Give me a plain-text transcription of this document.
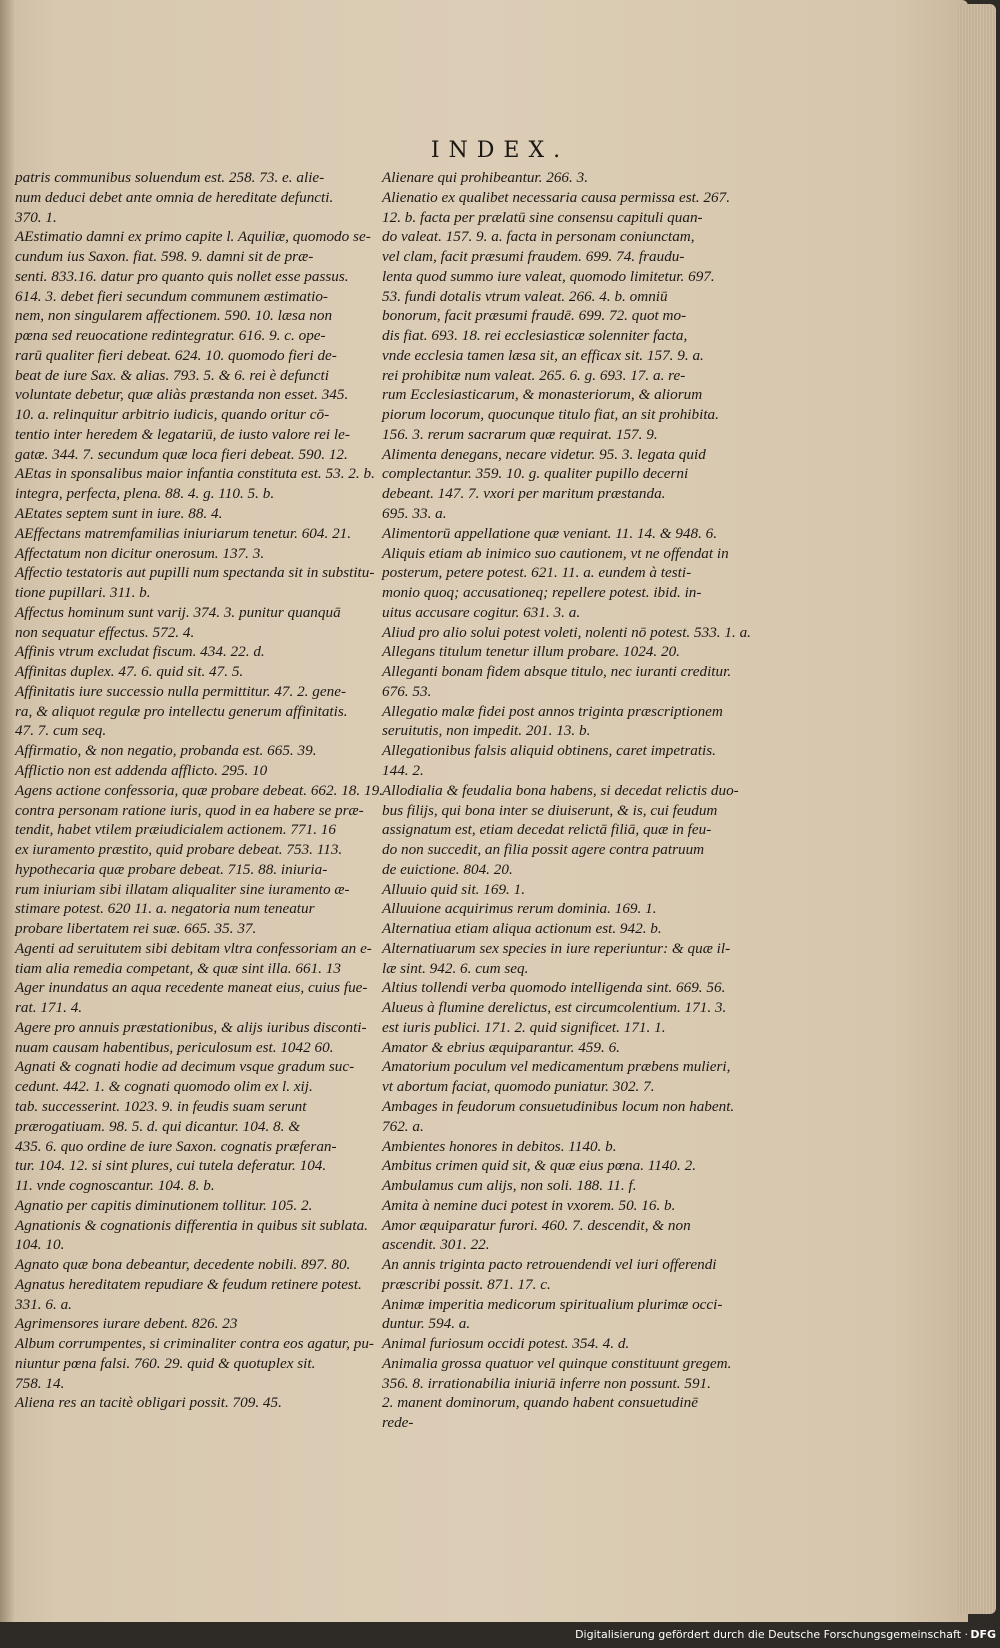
INDEX.
patris communibus soluendum est. 258. 73. e. alie-
num deduci debet ante omnia de hereditate defuncti.
370. 1.
AEstimatio damni ex primo capite l. Aquiliæ, quomodo se-
cundum ius Saxon. fiat. 598. 9. damni sit de præ-
senti. 833.16. datur pro quanto quis nollet esse passus.
614. 3. debet fieri secundum communem æstimatio-
nem, non singularem affectionem. 590. 10. læsa non
pœna sed reuocatione redintegratur. 616. 9. c. ope-
rarū qualiter fieri debeat. 624. 10. quomodo fieri de-
beat de iure Sax. & alias. 793. 5. & 6. rei è defuncti
voluntate debetur, quæ aliàs præstanda non esset. 345.
10. a. relinquitur arbitrio iudicis, quando oritur cō-
tentio inter heredem & legatariū, de iusto valore rei le-
gatæ. 344. 7. secundum quæ loca fieri debeat. 590. 12.
AEtas in sponsalibus maior infantia constituta est. 53. 2. b.
integra, perfecta, plena. 88. 4. g. 110. 5. b.
AEtates septem sunt in iure. 88. 4.
AEffectans matremfamilias iniuriarum tenetur. 604. 21.
Affectatum non dicitur onerosum. 137. 3.
Affectio testatoris aut pupilli num spectanda sit in substitu-
tione pupillari. 311. b.
Affectus hominum sunt varij. 374. 3. punitur quanquā
non sequatur effectus. 572. 4.
Affinis vtrum excludat fiscum. 434. 22. d.
Affinitas duplex. 47. 6. quid sit. 47. 5.
Affinitatis iure successio nulla permittitur. 47. 2. gene-
ra, & aliquot regulæ pro intellectu generum affinitatis.
47. 7. cum seq.
Affirmatio, & non negatio, probanda est. 665. 39.
Afflictio non est addenda afflicto. 295. 10
Agens actione confessoria, quæ probare debeat. 662. 18. 19.
contra personam ratione iuris, quod in ea habere se præ-
tendit, habet vtilem præiudicialem actionem. 771. 16
ex iuramento præstito, quid probare debeat. 753. 113.
hypothecaria quæ probare debeat. 715. 88. iniuria-
rum iniuriam sibi illatam aliqualiter sine iuramento æ-
stimare potest. 620 11. a. negatoria num teneatur
probare libertatem rei suæ. 665. 35. 37.
Agenti ad seruitutem sibi debitam vltra confessoriam an e-
tiam alia remedia competant, & quæ sint illa. 661. 13
Ager inundatus an aqua recedente maneat eius, cuius fue-
rat. 171. 4.
Agere pro annuis præstationibus, & alijs iuribus disconti-
nuam causam habentibus, periculosum est. 1042 60.
Agnati & cognati hodie ad decimum vsque gradum suc-
cedunt. 442. 1. & cognati quomodo olim ex l. xij.
tab. successerint. 1023. 9. in feudis suam serunt
prærogatiuam. 98. 5. d. qui dicantur. 104. 8. &
435. 6. quo ordine de iure Saxon. cognatis præferan-
tur. 104. 12. si sint plures, cui tutela deferatur. 104.
11. vnde cognoscantur. 104. 8. b.
Agnatio per capitis diminutionem tollitur. 105. 2.
Agnationis & cognationis differentia in quibus sit sublata.
104. 10.
Agnato quæ bona debeantur, decedente nobili. 897. 80.
Agnatus hereditatem repudiare & feudum retinere potest.
331. 6. a.
Agrimensores iurare debent. 826. 23
Album corrumpentes, si criminaliter contra eos agatur, pu-
niuntur pœna falsi. 760. 29. quid & quotuplex sit.
758. 14.
Aliena res an tacitè obligari possit. 709. 45.
Alienare qui prohibeantur. 266. 3.
Alienatio ex qualibet necessaria causa permissa est. 267.
12. b. facta per prælatū sine consensu capituli quan-
do valeat. 157. 9. a. facta in personam coniunctam,
vel clam, facit præsumi fraudem. 699. 74. fraudu-
lenta quod summo iure valeat, quomodo limitetur. 697.
53. fundi dotalis vtrum valeat. 266. 4. b. omniū
bonorum, facit præsumi fraudē. 699. 72. quot mo-
dis fiat. 693. 18. rei ecclesiasticæ solenniter facta,
vnde ecclesia tamen læsa sit, an efficax sit. 157. 9. a.
rei prohibitæ num valeat. 265. 6. g. 693. 17. a. re-
rum Ecclesiasticarum, & monasteriorum, & aliorum
piorum locorum, quocunque titulo fiat, an sit prohibita.
156. 3. rerum sacrarum quæ requirat. 157. 9.
Alimenta denegans, necare videtur. 95. 3. legata quid
complectantur. 359. 10. g. qualiter pupillo decerni
debeant. 147. 7. vxori per maritum præstanda.
695. 33. a.
Alimentorū appellatione quæ veniant. 11. 14. & 948. 6.
Aliquis etiam ab inimico suo cautionem, vt ne offendat in
posterum, petere potest. 621. 11. a. eundem à testi-
monio quoq; accusationeq; repellere potest. ibid. in-
uitus accusare cogitur. 631. 3. a.
Aliud pro alio solui potest voleti, nolenti nō potest. 533. 1. a.
Allegans titulum tenetur illum probare. 1024. 20.
Alleganti bonam fidem absque titulo, nec iuranti creditur.
676. 53.
Allegatio malæ fidei post annos triginta præscriptionem
seruitutis, non impedit. 201. 13. b.
Allegationibus falsis aliquid obtinens, caret impetratis.
144. 2.
Allodialia & feudalia bona habens, si decedat relictis duo-
bus filijs, qui bona inter se diuiserunt, & is, cui feudum
assignatum est, etiam decedat relictā filiā, quæ in feu-
do non succedit, an filia possit agere contra patruum
de euictione. 804. 20.
Alluuio quid sit. 169. 1.
Alluuione acquirimus rerum dominia. 169. 1.
Alternatiua etiam aliqua actionum est. 942. b.
Alternatiuarum sex species in iure reperiuntur: & quæ il-
læ sint. 942. 6. cum seq.
Altius tollendi verba quomodo intelligenda sint. 669. 56.
Alueus à flumine derelictus, est circumcolentium. 171. 3.
est iuris publici. 171. 2. quid significet. 171. 1.
Amator & ebrius æquiparantur. 459. 6.
Amatorium poculum vel medicamentum præbens mulieri,
vt abortum faciat, quomodo puniatur. 302. 7.
Ambages in feudorum consuetudinibus locum non habent.
762. a.
Ambientes honores in debitos. 1140. b.
Ambitus crimen quid sit, & quæ eius pœna. 1140. 2.
Ambulamus cum alijs, non soli. 188. 11. f.
Amita à nemine duci potest in vxorem. 50. 16. b.
Amor æquiparatur furori. 460. 7. descendit, & non
ascendit. 301. 22.
An annis triginta pacto retrouendendi vel iuri offerendi
præscribi possit. 871. 17. c.
Animæ imperitia medicorum spiritualium plurimæ occi-
duntur. 594. a.
Animal furiosum occidi potest. 354. 4. d.
Animalia grossa quatuor vel quinque constituunt gregem.
356. 8. irrationabilia iniuriā inferre non possunt. 591.
2. manent dominorum, quando habent consuetudinē
rede-
Digitalisierung gefördert durch die Deutsche Forschungsgemeinschaft · DFG
